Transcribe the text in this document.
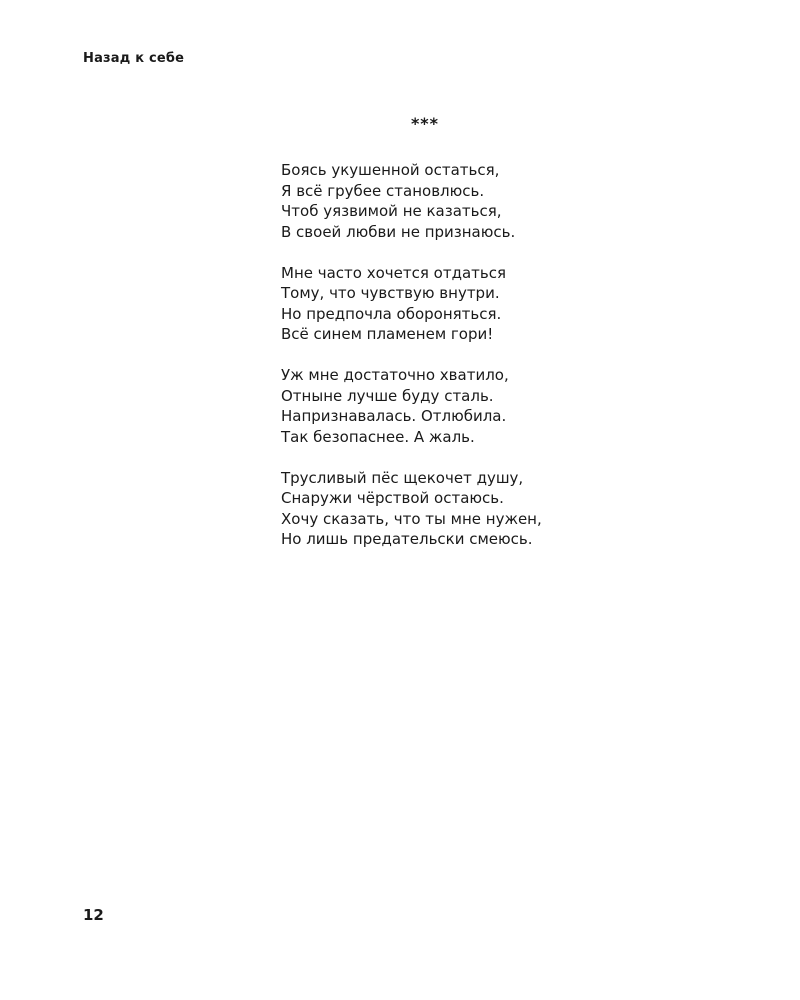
Назад к себе
***
Боясь укушенной остаться,
Я всё грубее становлюсь.
Чтоб уязвимой не казаться,
В своей любви не признаюсь.
Мне часто хочется отдаться
Тому, что чувствую внутри.
Но предпочла обороняться.
Всё синем пламенем гори!
Уж мне достаточно хватило,
Отныне лучше буду сталь.
Напризнавалась. Отлюбила.
Так безопаснее. А жаль.
Трусливый пёс щекочет душу,
Снаружи чёрствой остаюсь.
Хочу сказать, что ты мне нужен,
Но лишь предательски смеюсь.
12
